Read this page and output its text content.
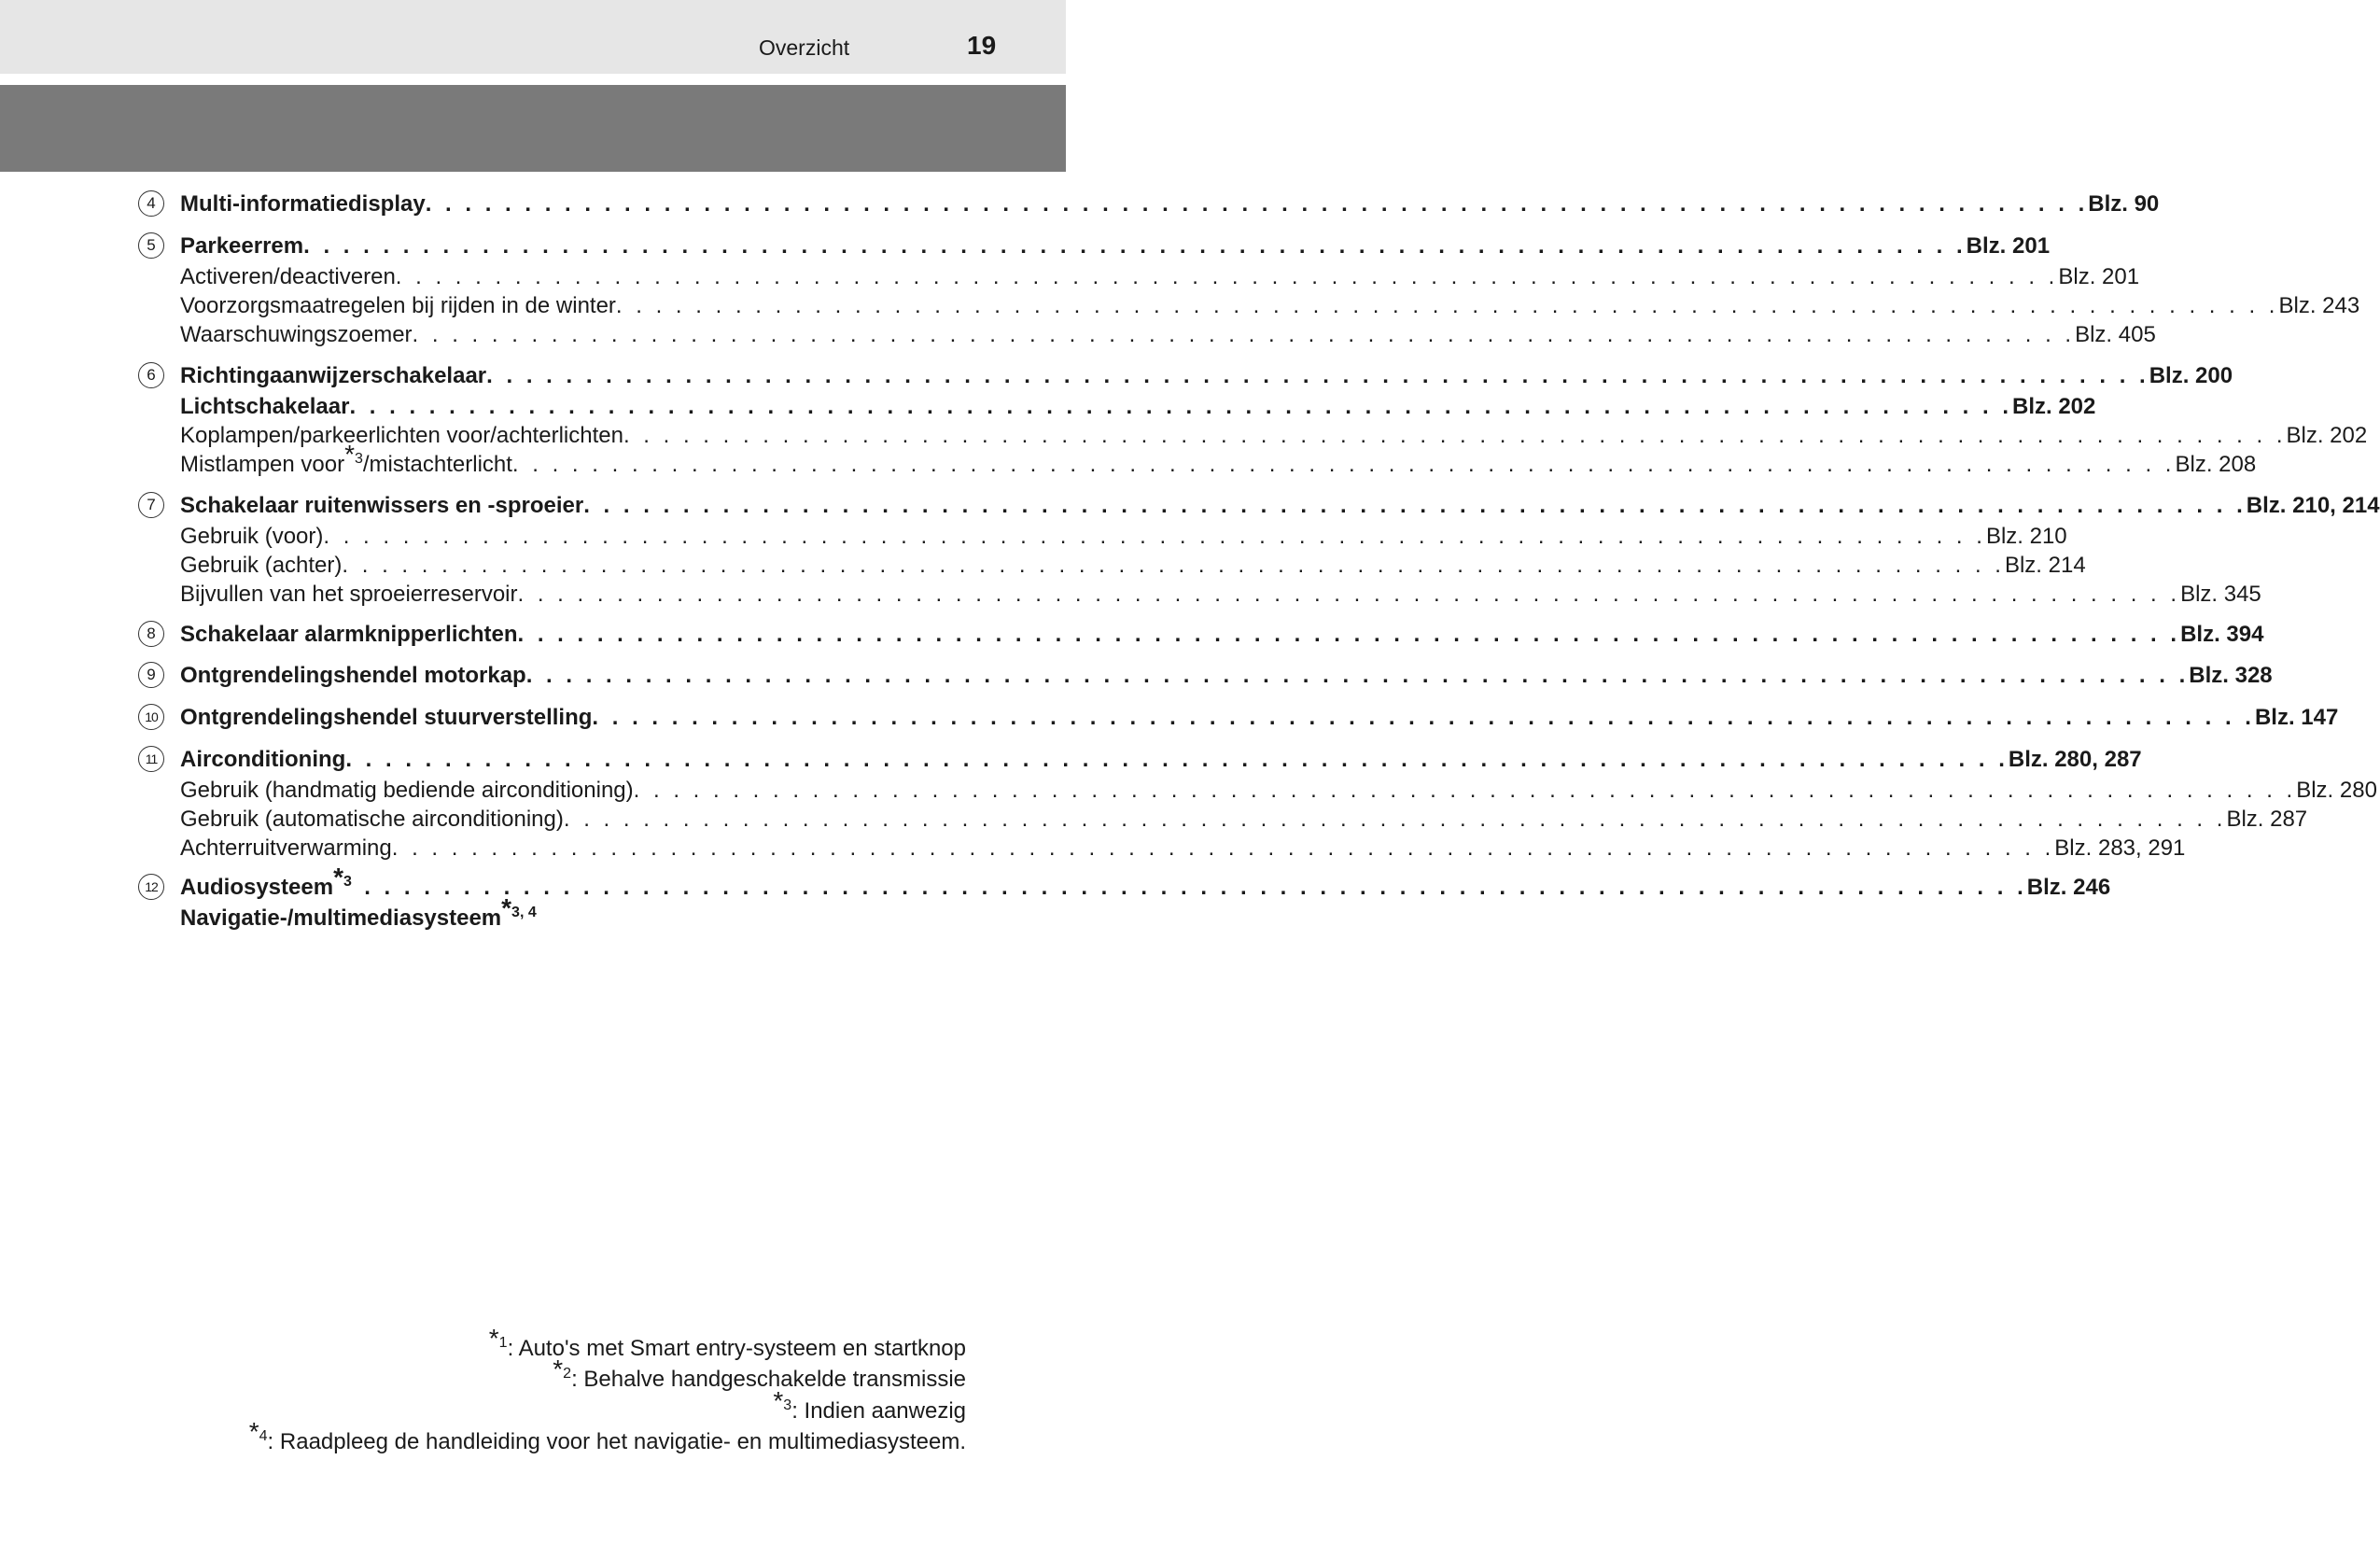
Overzicht	19
4
5
6
7
8
9
10
11
12
Multi-informatiedisplay . . . . . . . . . . . . . . . . . . . . . . . . . . . . . . . . . . . . . . . . . . . . . . . . . . . . . . . . . . . . . . . . . . . . . . . . . . . . . . . . . . . . Blz. 90
Parkeerrem . . . . . . . . . . . . . . . . . . . . . . . . . . . . . . . . . . . . . . . . . . . . . . . . . . . . . . . . . . . . . . . . . . . . . . . . . . . . . . . . . . . . Blz. 201
Activeren/deactiveren . . . . . . . . . . . . . . . . . . . . . . . . . . . . . . . . . . . . . . . . . . . . . . . . . . . . . . . . . . . . . . . . . . . . . . . . . . . . . . . . . . . . Blz. 201
Voorzorgsmaatregelen bij rijden in de winter . . . . . . . . . . . . . . . . . . . . . . . . . . . . . . . . . . . . . . . . . . . . . . . . . . . . . . . . . . . . . . . . . . . . . . . . . . . . . . . . . . . . Blz. 243
Waarschuwingszoemer . . . . . . . . . . . . . . . . . . . . . . . . . . . . . . . . . . . . . . . . . . . . . . . . . . . . . . . . . . . . . . . . . . . . . . . . . . . . . . . . . . . . Blz. 405
Richtingaanwijzerschakelaar . . . . . . . . . . . . . . . . . . . . . . . . . . . . . . . . . . . . . . . . . . . . . . . . . . . . . . . . . . . . . . . . . . . . . . . . . . . . . . . . . . . . Blz. 200
Lichtschakelaar . . . . . . . . . . . . . . . . . . . . . . . . . . . . . . . . . . . . . . . . . . . . . . . . . . . . . . . . . . . . . . . . . . . . . . . . . . . . . . . . . . . . Blz. 202
Koplampen/parkeerlichten voor/achterlichten . . . . . . . . . . . . . . . . . . . . . . . . . . . . . . . . . . . . . . . . . . . . . . . . . . . . . . . . . . . . . . . . . . . . . . . . . . . . . . . . . . . . Blz. 202
Mistlampen voor$^{*3}$/mistachterlicht . . . . . . . . . . . . . . . . . . . . . . . . . . . . . . . . . . . . . . . . . . . . . . . . . . . . . . . . . . . . . . . . . . . . . . . . . . . . . . . . . . . . Blz. 208
Schakelaar ruitenwissers en -sproeier . . . . . . . . . . . . . . . . . . . . . . . . . . . . . . . . . . . . . . . . . . . . . . . . . . . . . . . . . . . . . . . . . . . . . . . . . . . . . . . . . . . . Blz. 210, 214
Gebruik (voor) . . . . . . . . . . . . . . . . . . . . . . . . . . . . . . . . . . . . . . . . . . . . . . . . . . . . . . . . . . . . . . . . . . . . . . . . . . . . . . . . . . . . Blz. 210
Gebruik (achter) . . . . . . . . . . . . . . . . . . . . . . . . . . . . . . . . . . . . . . . . . . . . . . . . . . . . . . . . . . . . . . . . . . . . . . . . . . . . . . . . . . . . Blz. 214
Bijvullen van het sproeierreservoir . . . . . . . . . . . . . . . . . . . . . . . . . . . . . . . . . . . . . . . . . . . . . . . . . . . . . . . . . . . . . . . . . . . . . . . . . . . . . . . . . . . . Blz. 345
Schakelaar alarmknipperlichten . . . . . . . . . . . . . . . . . . . . . . . . . . . . . . . . . . . . . . . . . . . . . . . . . . . . . . . . . . . . . . . . . . . . . . . . . . . . . . . . . . . . Blz. 394
Ontgrendelingshendel motorkap . . . . . . . . . . . . . . . . . . . . . . . . . . . . . . . . . . . . . . . . . . . . . . . . . . . . . . . . . . . . . . . . . . . . . . . . . . . . . . . . . . . . Blz. 328
Ontgrendelingshendel stuurverstelling . . . . . . . . . . . . . . . . . . . . . . . . . . . . . . . . . . . . . . . . . . . . . . . . . . . . . . . . . . . . . . . . . . . . . . . . . . . . . . . . . . . . Blz. 147
Airconditioning . . . . . . . . . . . . . . . . . . . . . . . . . . . . . . . . . . . . . . . . . . . . . . . . . . . . . . . . . . . . . . . . . . . . . . . . . . . . . . . . . . . . Blz. 280, 287
Gebruik (handmatig bediende airconditioning) . . . . . . . . . . . . . . . . . . . . . . . . . . . . . . . . . . . . . . . . . . . . . . . . . . . . . . . . . . . . . . . . . . . . . . . . . . . . . . . . . . . . Blz. 280
Gebruik (automatische airconditioning) . . . . . . . . . . . . . . . . . . . . . . . . . . . . . . . . . . . . . . . . . . . . . . . . . . . . . . . . . . . . . . . . . . . . . . . . . . . . . . . . . . . . Blz. 287
Achterruitverwarming . . . . . . . . . . . . . . . . . . . . . . . . . . . . . . . . . . . . . . . . . . . . . . . . . . . . . . . . . . . . . . . . . . . . . . . . . . . . . . . . . . . . Blz. 283, 291
Audiosysteem$^{*3}$ . . . . . . . . . . . . . . . . . . . . . . . . . . . . . . . . . . . . . . . . . . . . . . . . . . . . . . . . . . . . . . . . . . . . . . . . . . . . . . . . . . . . Blz. 246
Navigatie-/multimediasysteem$^{*3, 4}$
$^{*1}$: Auto's met Smart entry-systeem en startknop
$^{*2}$: Behalve handgeschakelde transmissie
$^{*3}$: Indien aanwezig
$^{*4}$: Raadpleeg de handleiding voor het navigatie- en multimediasysteem.
